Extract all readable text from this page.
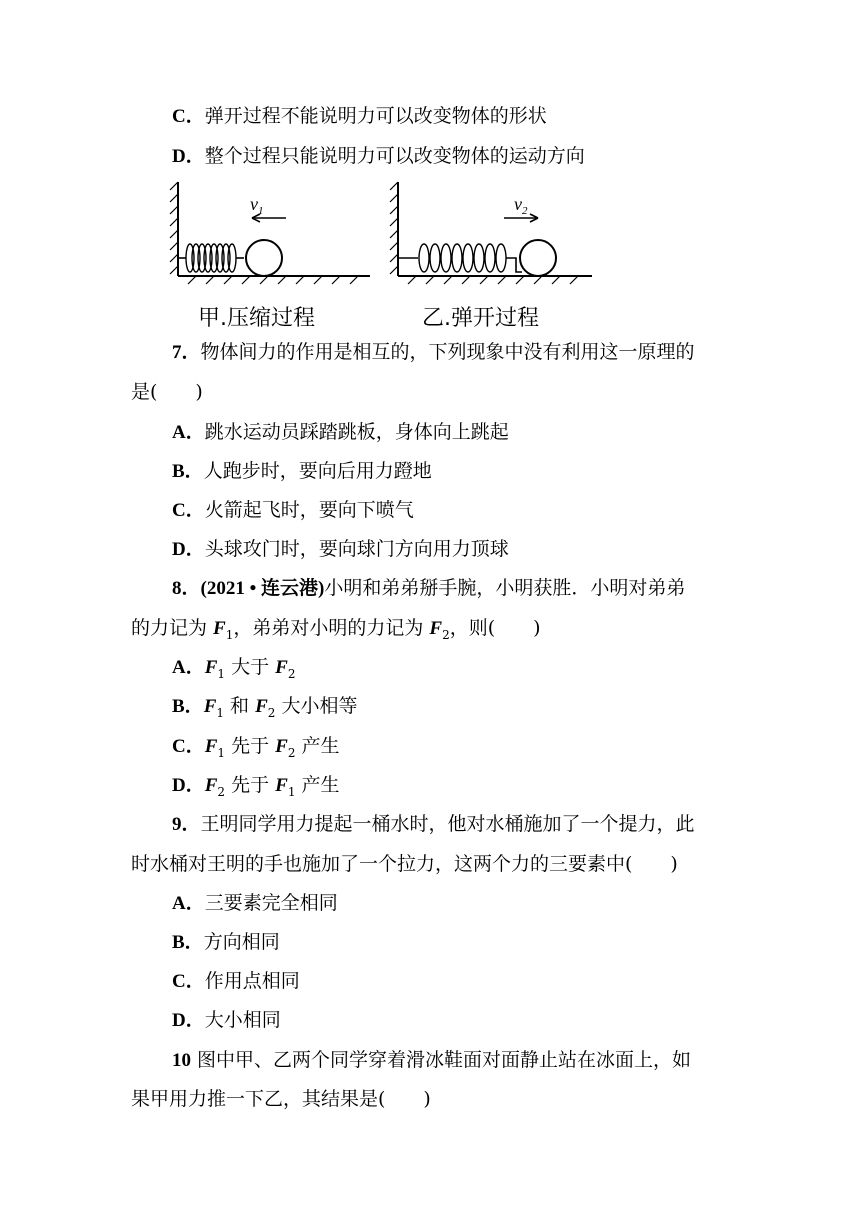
C．弹开过程不能说明力可以改变物体的形状
D．整个过程只能说明力可以改变物体的运动方向
$v_1$	$v_2$
甲.压缩过程	乙.弹开过程
7．物体间力的作用是相互的，下列现象中没有利用这一原理的
是(　　)
A．跳水运动员踩踏跳板，身体向上跳起
B．人跑步时，要向后用力蹬地
C．火箭起飞时，要向下喷气
D．头球攻门时，要向球门方向用力顶球
8．(2021 • 连云港)小明和弟弟掰手腕，小明获胜．小明对弟弟
的力记为 $F_1$，弟弟对小明的力记为 $F_2$，则(　　)
A．$F_1$ 大于 $F_2$
B．$F_1$ 和 $F_2$ 大小相等
C．$F_1$ 先于 $F_2$ 产生
D．$F_2$ 先于 $F_1$ 产生
9．王明同学用力提起一桶水时，他对水桶施加了一个提力，此
时水桶对王明的手也施加了一个拉力，这两个力的三要素中(　　)
A．三要素完全相同
B．方向相同
C．作用点相同
D．大小相同
10 图中甲、乙两个同学穿着滑冰鞋面对面静止站在冰面上，如
果甲用力推一下乙，其结果是(　　)
